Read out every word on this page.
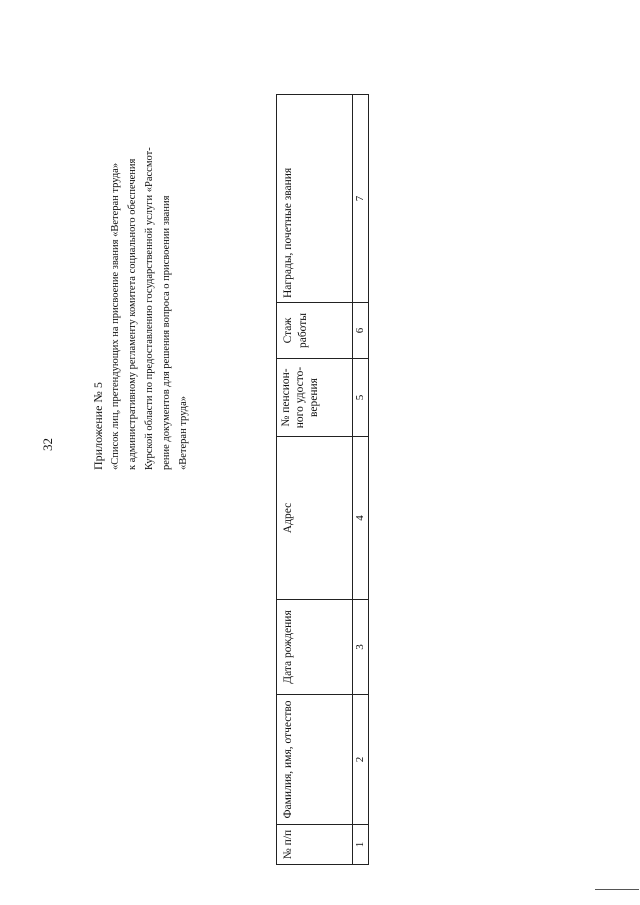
32	Приложение № 5 «Список лиц, претендующих на присвоение звания «Ветеран труда» к административному регламенту комитета социального обеспечения Курской области по предоставлению государственной услуги «Рассмот- рение документов для решения вопроса о присвоении звания «Ветеран труда»
№ п/п	Фамилия, имя, отчество	Дата рождения	Адрес	№ пенсион-ного удосто-верения	Стаж работы	Награды, почетные звания
1	2	3	4	5	6	7
